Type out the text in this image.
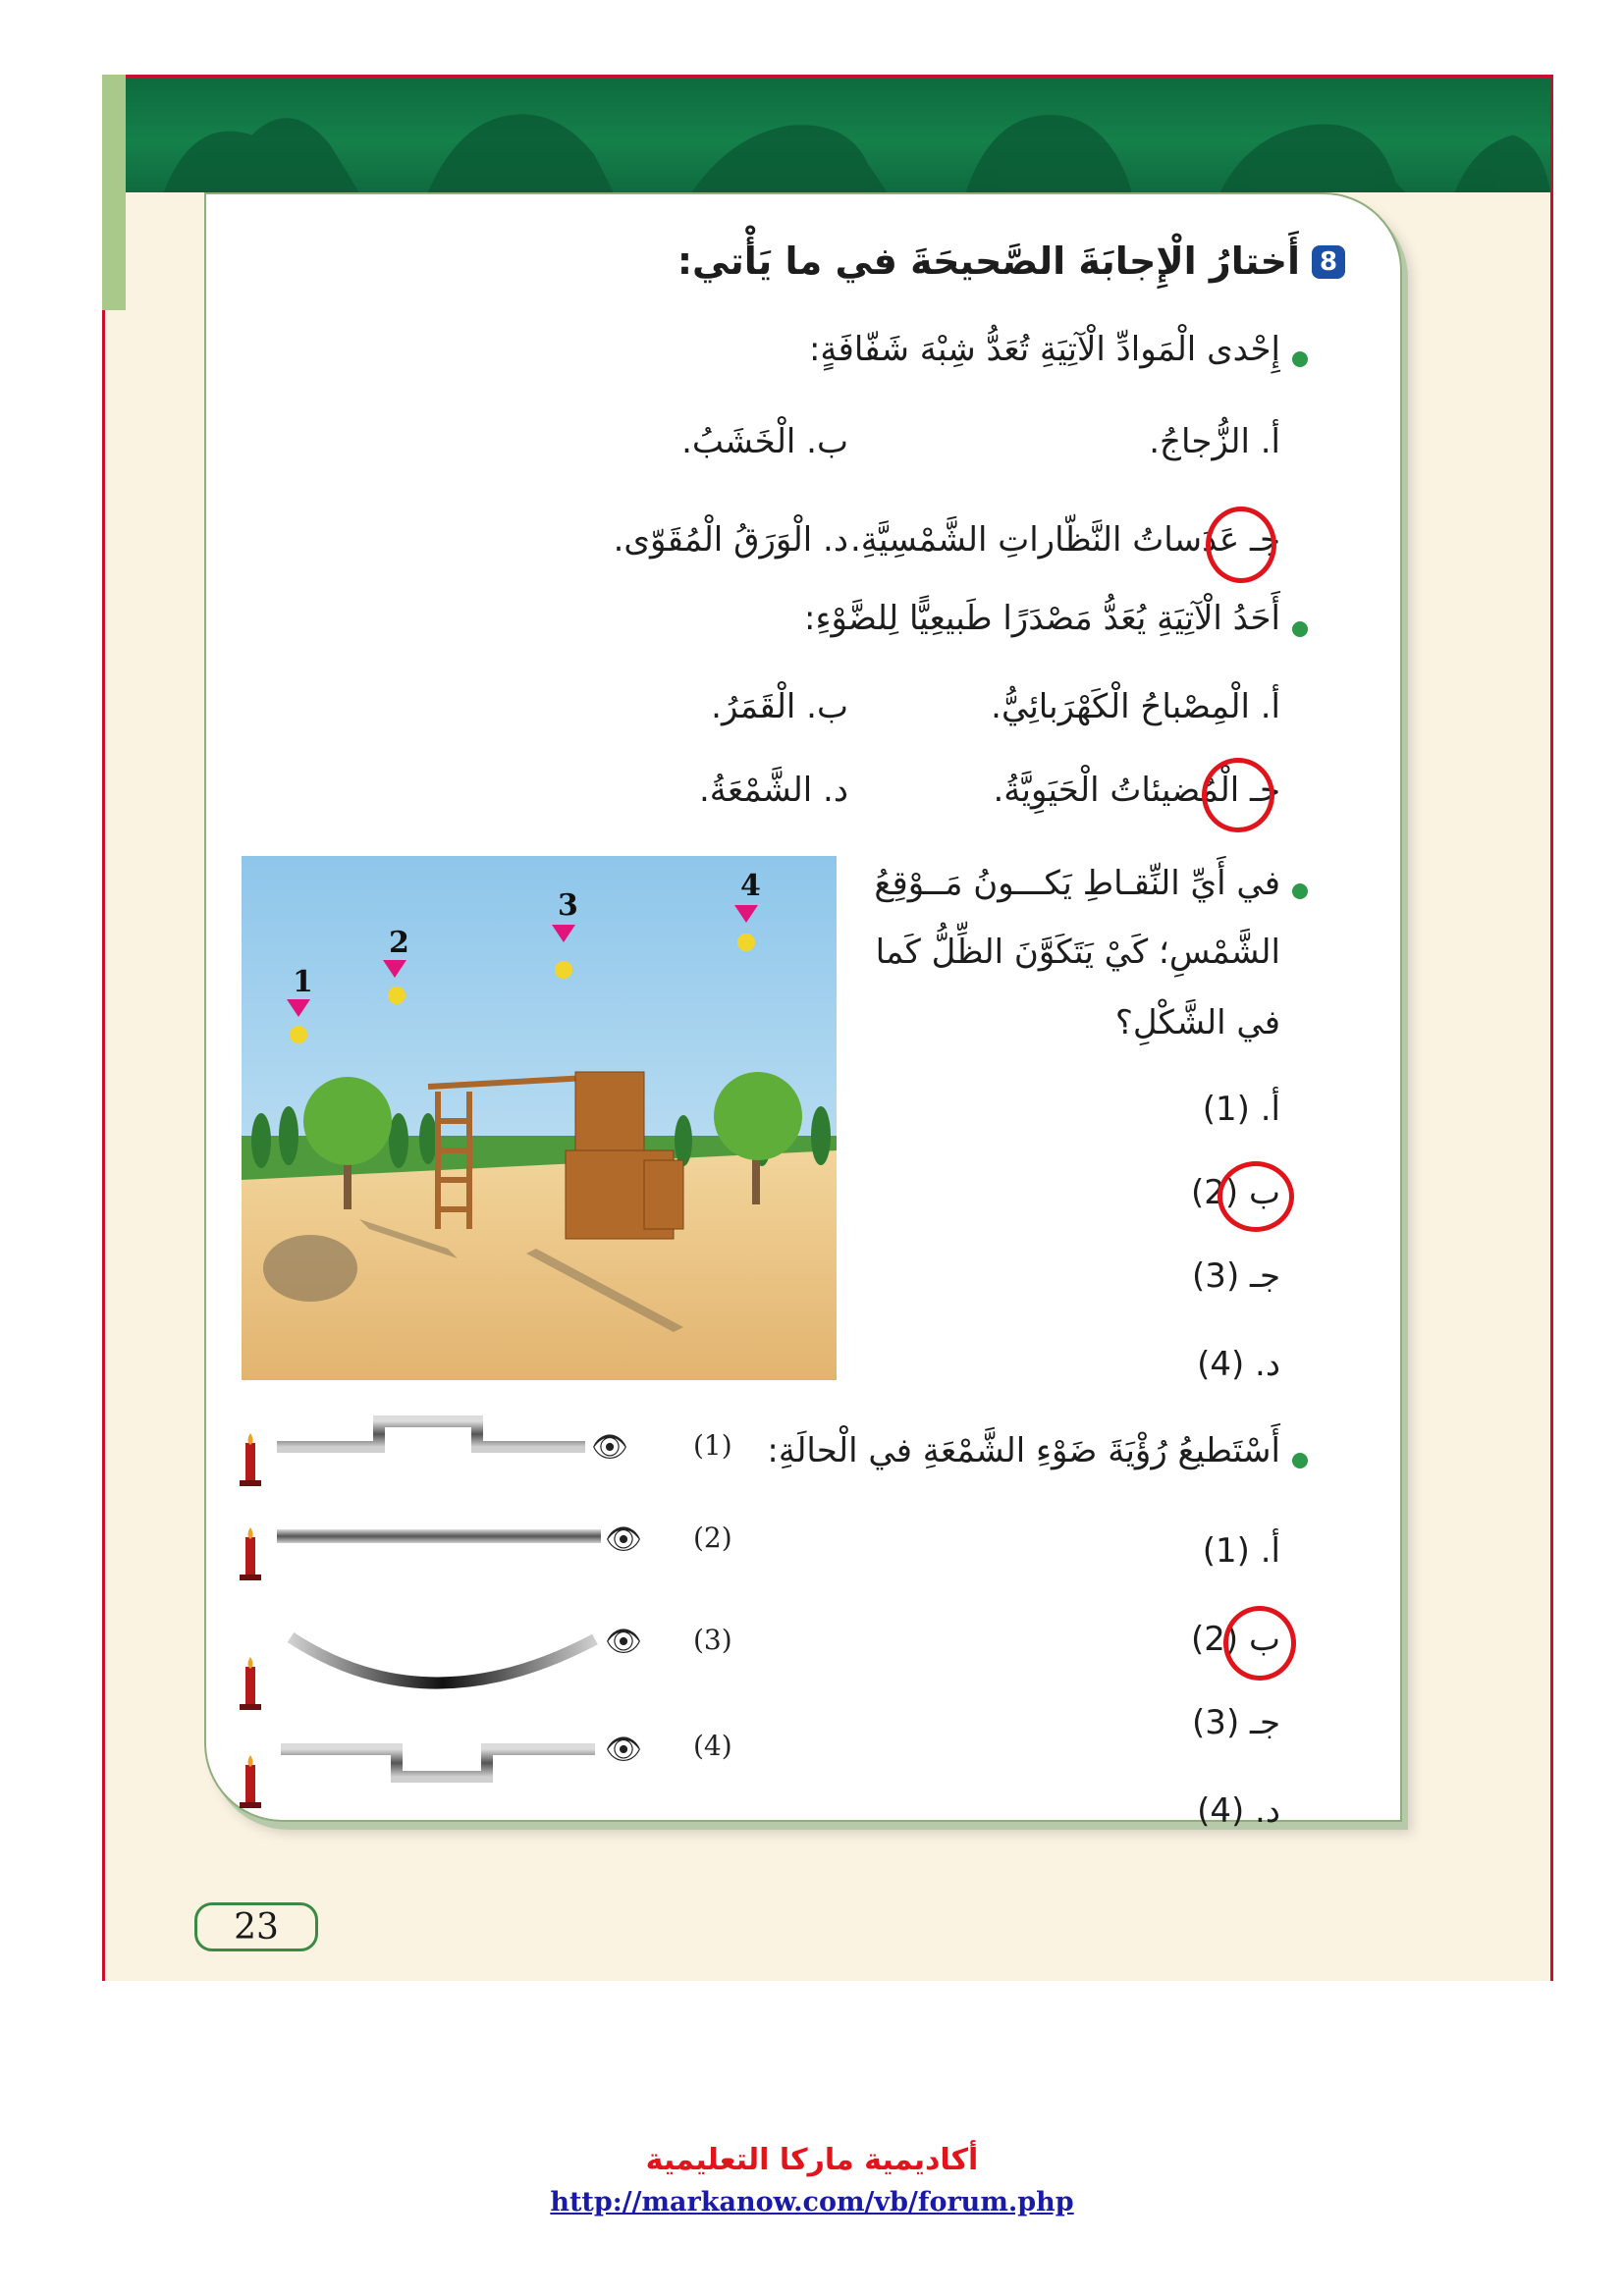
8
أَختارُ الْإِجابَةَ الصَّحيحَةَ في ما يَأْتي:
إِحْدى الْمَوادِّ الْآتِيَةِ تُعَدُّ شِبْهَ شَفّافَةٍ:
أ. الزُّجاجُ.
ب. الْخَشَبُ.
جـ عَدَساتُ النَّظّاراتِ الشَّمْسِيَّةِ.
د. الْوَرَقُ الْمُقَوّى.
أَحَدُ الْآتِيَةِ يُعَدُّ مَصْدَرًا طَبيعِيًّا لِلضَّوْءِ:
أ. الْمِصْباحُ الْكَهْرَبائِيُّ.
ب. الْقَمَرُ.
جـ الْمُضيئاتُ الْحَيَوِيَّةُ.
د. الشَّمْعَةُ.
في أَيِّ النِّقـاطِ يَكـــونُ مَــوْقِعُ
الشَّمْسِ؛ كَيْ يَتَكَوَّنَ الظِّلُّ كَما
في الشَّكْلِ؟
أ. (1)
ب (2)
جـ (3)
د. (4)
1
2
3
4
أَسْتَطيعُ رُؤْيَةَ ضَوْءِ الشَّمْعَةِ في الْحالَةِ:
أ. (1)
ب (2)
جـ (3)
د. (4)
👁 (1)
👁 (2)
👁 (3)
👁 (4)
23
أكاديمية ماركا التعليمية
http://markanow.com/vb/forum.php
